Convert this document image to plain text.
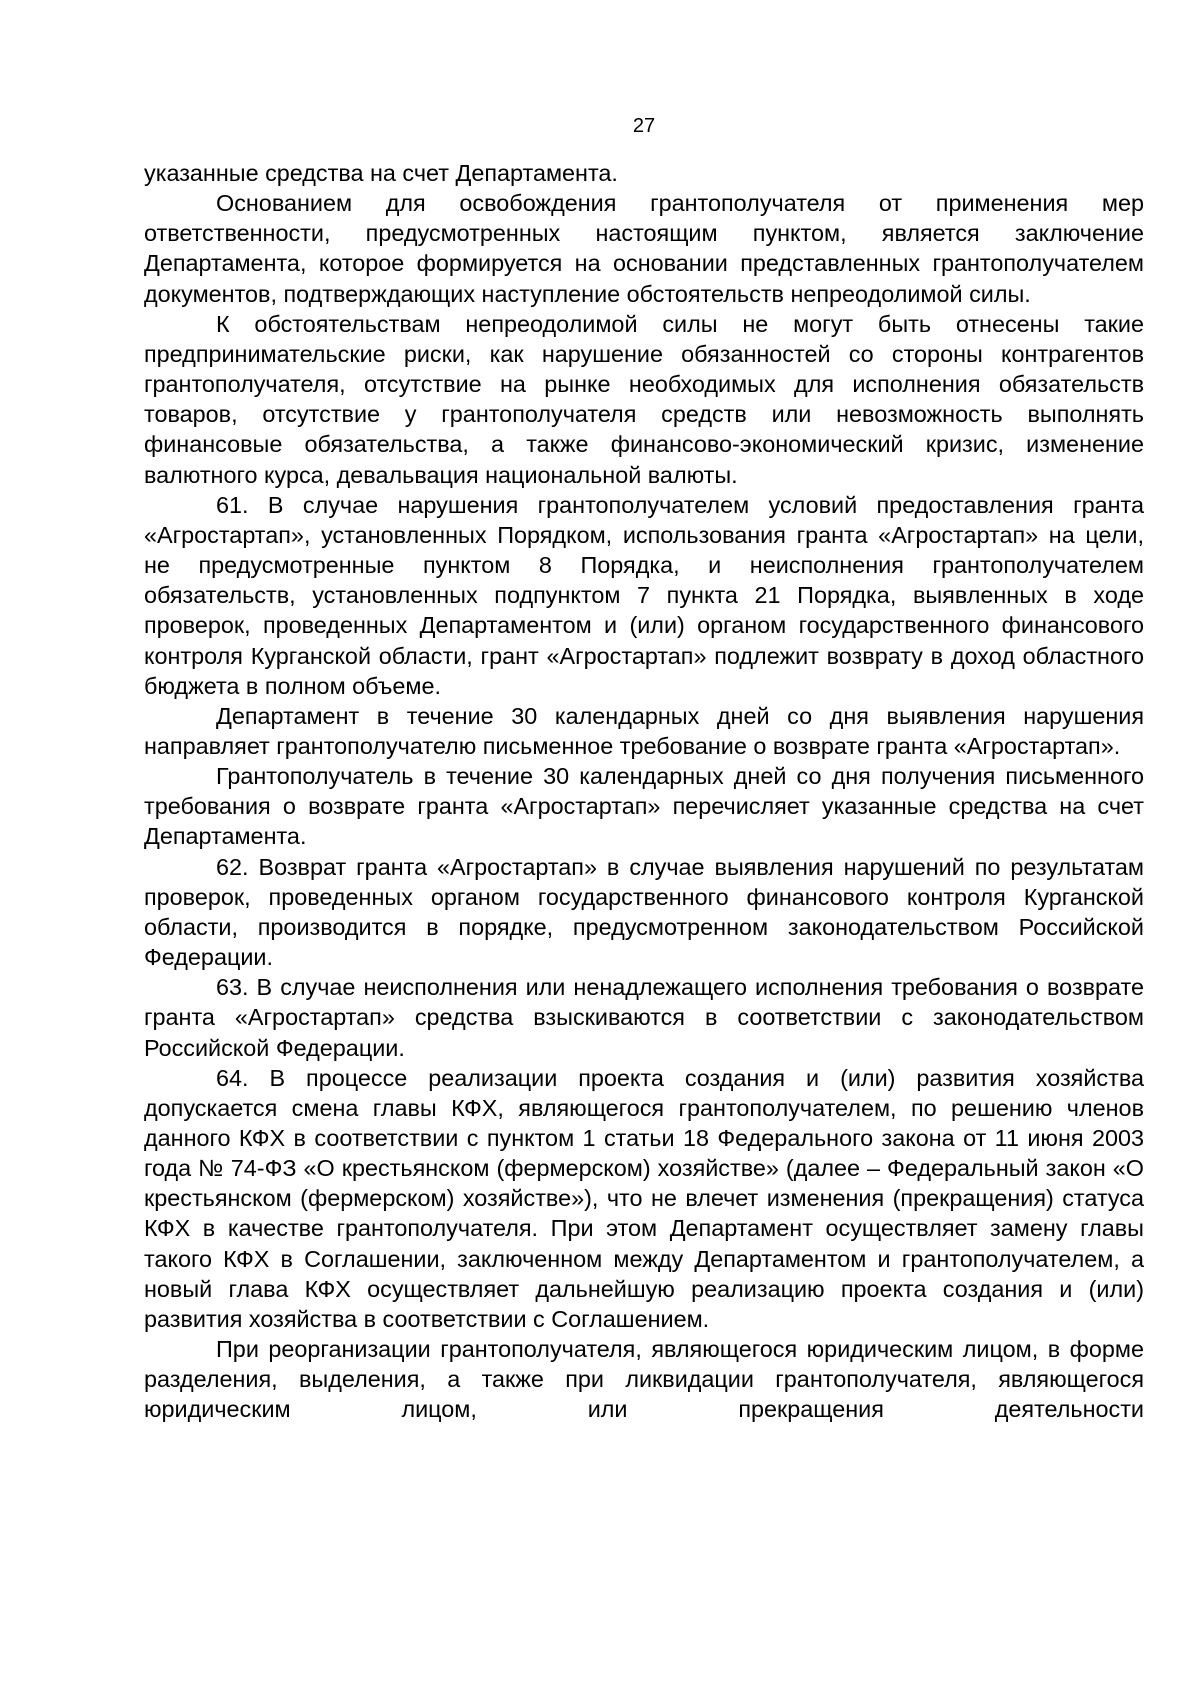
27

указанные средства на счет Департамента.

Основанием для освобождения грантополучателя от применения мер ответственности, предусмотренных настоящим пунктом, является заключение Департамента, которое формируется на основании представленных грантополучателем документов, подтверждающих наступление обстоятельств непреодолимой силы.

К обстоятельствам непреодолимой силы не могут быть отнесены такие предпринимательские риски, как нарушение обязанностей со стороны контрагентов грантополучателя, отсутствие на рынке необходимых для исполнения обязательств товаров, отсутствие у грантополучателя средств или невозможность выполнять финансовые обязательства, а также финансово-экономический кризис, изменение валютного курса, девальвация национальной валюты.

61. В случае нарушения грантополучателем условий предоставления гранта «Агростартап», установленных Порядком, использования гранта «Агростартап» на цели, не предусмотренные пунктом 8 Порядка, и неисполнения грантополучателем обязательств, установленных подпунктом 7 пункта 21 Порядка, выявленных в ходе проверок, проведенных Департаментом и (или) органом государственного финансового контроля Курганской области, грант «Агростартап» подлежит возврату в доход областного бюджета в полном объеме.

Департамент в течение 30 календарных дней со дня выявления нарушения направляет грантополучателю письменное требование о возврате гранта «Агростартап».

Грантополучатель в течение 30 календарных дней со дня получения письменного требования о возврате гранта «Агростартап» перечисляет указанные средства на счет Департамента.

62. Возврат гранта «Агростартап» в случае выявления нарушений по результатам проверок, проведенных органом государственного финансового контроля Курганской области, производится в порядке, предусмотренном законодательством Российской Федерации.

63. В случае неисполнения или ненадлежащего исполнения требования о возврате гранта «Агростартап» средства взыскиваются в соответствии с законодательством Российской Федерации.

64. В процессе реализации проекта создания и (или) развития хозяйства допускается смена главы КФХ, являющегося грантополучателем, по решению членов данного КФХ в соответствии с пунктом 1 статьи 18 Федерального закона от 11 июня 2003 года № 74-ФЗ «О крестьянском (фермерском) хозяйстве» (далее – Федеральный закон «О крестьянском (фермерском) хозяйстве»), что не влечет изменения (прекращения) статуса КФХ в качестве грантополучателя. При этом Департамент осуществляет замену главы такого КФХ в Соглашении, заключенном между Департаментом и грантополучателем, а новый глава КФХ осуществляет дальнейшую реализацию проекта создания и (или) развития хозяйства в соответствии с Соглашением.

При реорганизации грантополучателя, являющегося юридическим лицом, в форме разделения, выделения, а также при ликвидации грантополучателя, являющегося юридическим лицом, или прекращения деятельности
